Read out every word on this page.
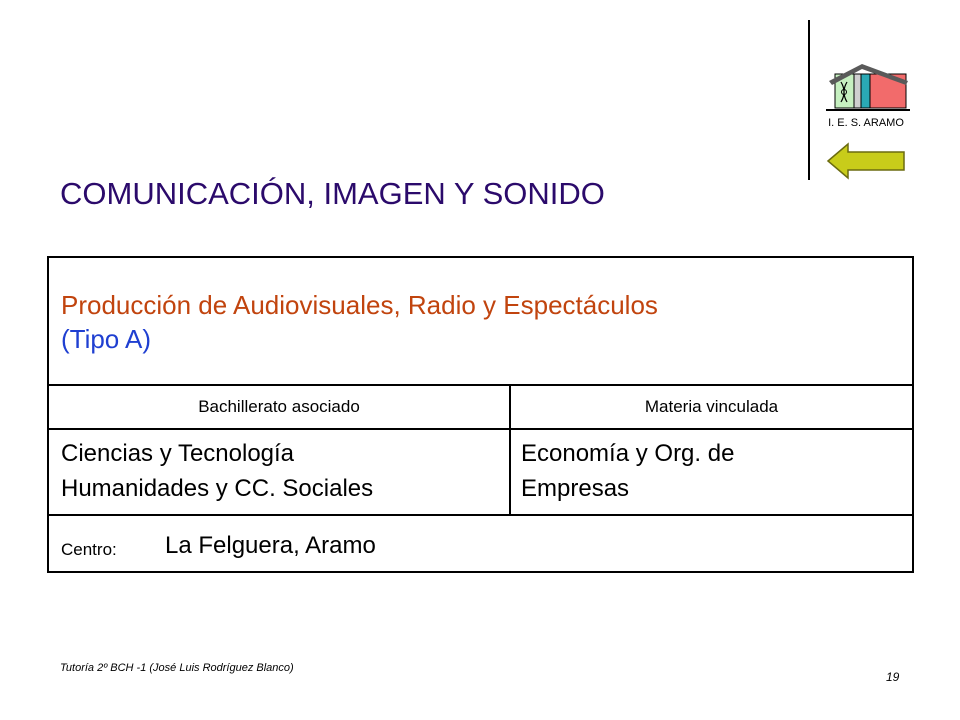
I. E. S. ARAMO
COMUNICACIÓN, IMAGEN Y SONIDO
Producción de Audiovisuales, Radio y Espectáculos
(Tipo A)
Bachillerato asociado	Materia vinculada
Ciencias y Tecnología
Humanidades y CC. Sociales
Economía y Org. de
Empresas
Centro: La Felguera, Aramo
Tutoría 2º BCH -1 (José Luis Rodríguez Blanco)
19
